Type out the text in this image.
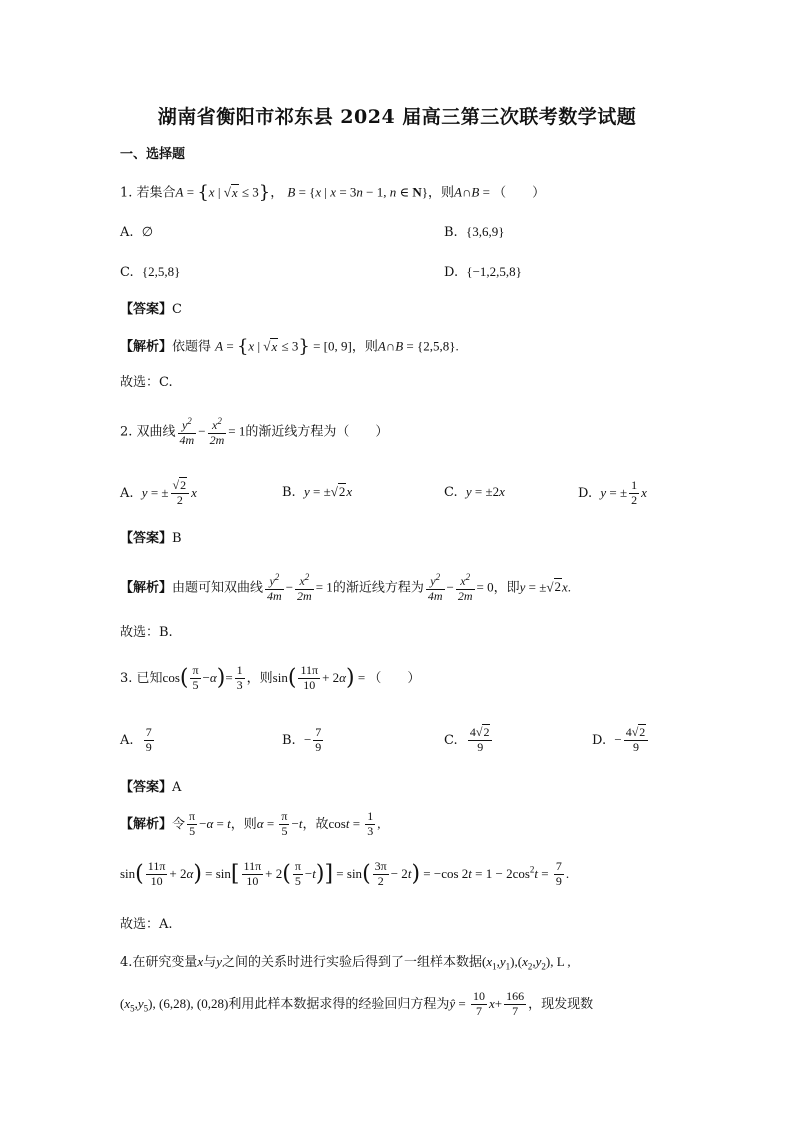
湖南省衡阳市祁东县 2024 届高三第三次联考数学试题
一、选择题
1. 若集合A = {x | √x ≤ 3}， B = {x | x = 3n − 1, n ∈ N}，则A∩B = （　　）
A. ∅	B. {3,6,9}
C. {2,5,8}	D. {−1,2,5,8}
【答案】C
【解析】依题得 A = {x | √x ≤ 3} = [0, 9]，则A∩B = {2,5,8}.
故选：C.
2. 双曲线 $\frac{y^2}{4m} - \frac{x^2}{2m} = 1$的渐近线方程为（　　）
A. y = ± $\frac{√2}{2}$ x	B. y = ±√2x	C. y = ±2x	D. y = ± $\frac{1}{2}$ x
【答案】B
【解析】由题可知双曲线 $\frac{y^2}{4m} - \frac{x^2}{2m} = 1$的渐近线方程为 $\frac{y^2}{4m} - \frac{x^2}{2m} = 0$，即y = ±√2x.
故选：B.
3. 已知$\cos( \frac{\pi}{5} -\alpha)= \frac{1}{3}$ ，则$\sin( \frac{11\pi}{10} + 2\alpha)$ = （　　）
A. $\frac{7}{9}$	B. − $\frac{7}{9}$	C. $\frac{4√2}{9}$	D. − $\frac{4√2}{9}$
【答案】A
【解析】令 $\frac{\pi}{5} -\alpha = t$，则$\alpha = \frac{\pi}{5} -t$，故$\cos t = \frac{1}{3}$ ,
$\sin( \frac{11\pi}{10} + 2\alpha) = \sin[ \frac{11\pi}{10} + 2( \frac{\pi}{5} -t)] = \sin( \frac{3\pi}{2} - 2t) = -\cos$ $2t = 1 - 2\cos^2t = \frac{7}{9}$ .
故选：A.
4.在研究变量x与y之间的关系时进行实验后得到了一组样本数据$(x_1,y_1),(x_2,y_2)$, L ,
$(x_5,y_5)$, (6,28), (0,28)利用此样本数据求得的经验回归方程为ŷ = $\frac{10}{7} x+ \frac{166}{7}$ ，现发现数
